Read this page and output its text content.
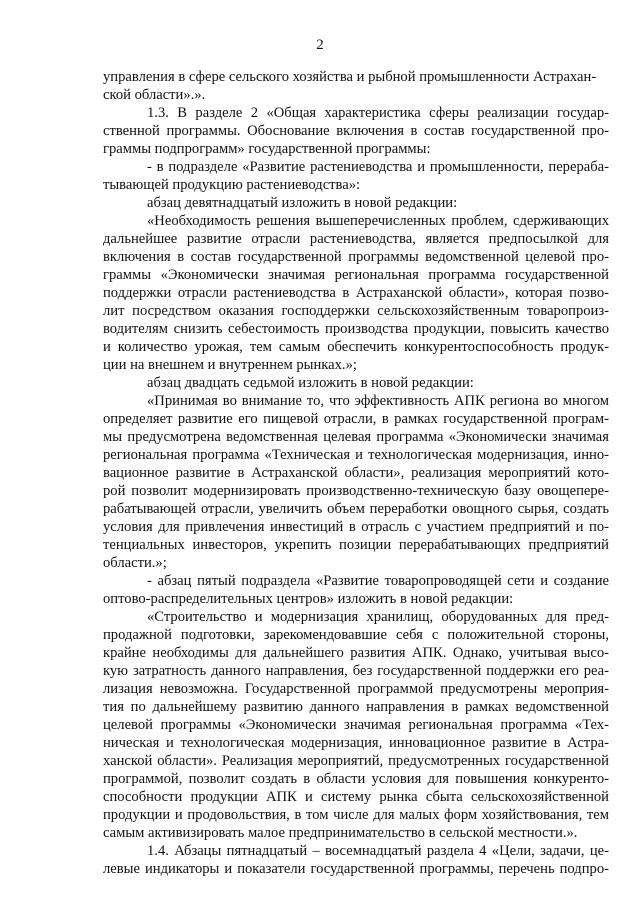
2
управления в сфере сельского хозяйства и рыбной промышленности Астрахан-
ской области».».
1.3. В разделе 2 «Общая характеристика сферы реализации государ-
ственной программы. Обоснование включения в состав государственной про-
граммы подпрограмм» государственной программы:
- в подразделе «Развитие растениеводства и промышленности, перераба-
тывающей продукцию растениеводства»:
абзац девятнадцатый изложить в новой редакции:
«Необходимость решения вышеперечисленных проблем, сдерживающих
дальнейшее развитие отрасли растениеводства, является предпосылкой для
включения в состав государственной программы ведомственной целевой про-
граммы «Экономически значимая региональная программа государственной
поддержки отрасли растениеводства в Астраханской области», которая позво-
лит посредством оказания господдержки сельскохозяйственным товаропроиз-
водителям снизить себестоимость производства продукции, повысить качество
и количество урожая, тем самым обеспечить конкурентоспособность продук-
ции на внешнем и внутреннем рынках.»;
абзац двадцать седьмой изложить в новой редакции:
«Принимая во внимание то, что эффективность АПК региона во многом
определяет развитие его пищевой отрасли, в рамках государственной програм-
мы предусмотрена ведомственная целевая программа «Экономически значимая
региональная программа «Техническая и технологическая модернизация, инно-
вационное развитие в Астраханской области», реализация мероприятий кото-
рой позволит модернизировать производственно-техническую базу овощеперe-
рабатывающей отрасли, увеличить объем переработки овощного сырья, создать
условия для привлечения инвестиций в отрасль с участием предприятий и по-
тенциальных инвесторов, укрепить позиции перерабатывающих предприятий
области.»;
- абзац пятый подраздела «Развитие товаропроводящей сети и создание
оптово-распределительных центров» изложить в новой редакции:
«Строительство и модернизация хранилищ, оборудованных для пред-
продажной подготовки, зарекомендовавшие себя с положительной стороны,
крайне необходимы для дальнейшего развития АПК. Однако, учитывая высо-
кую затратность данного направления, без государственной поддержки его реа-
лизация невозможна. Государственной программой предусмотрены мероприя-
тия по дальнейшему развитию данного направления в рамках ведомственной
целевой программы «Экономически значимая региональная программа «Тех-
ническая и технологическая модернизация, инновационное развитие в Астра-
ханской области». Реализация мероприятий, предусмотренных государственной
программой, позволит создать в области условия для повышения конкуренто-
способности продукции АПК и систему рынка сбыта сельскохозяйственной
продукции и продовольствия, в том числе для малых форм хозяйствования, тем
самым активизировать малое предпринимательство в сельской местности.».
1.4. Абзацы пятнадцатый – восемнадцатый раздела 4 «Цели, задачи, це-
левые индикаторы и показатели государственной программы, перечень подпро-
